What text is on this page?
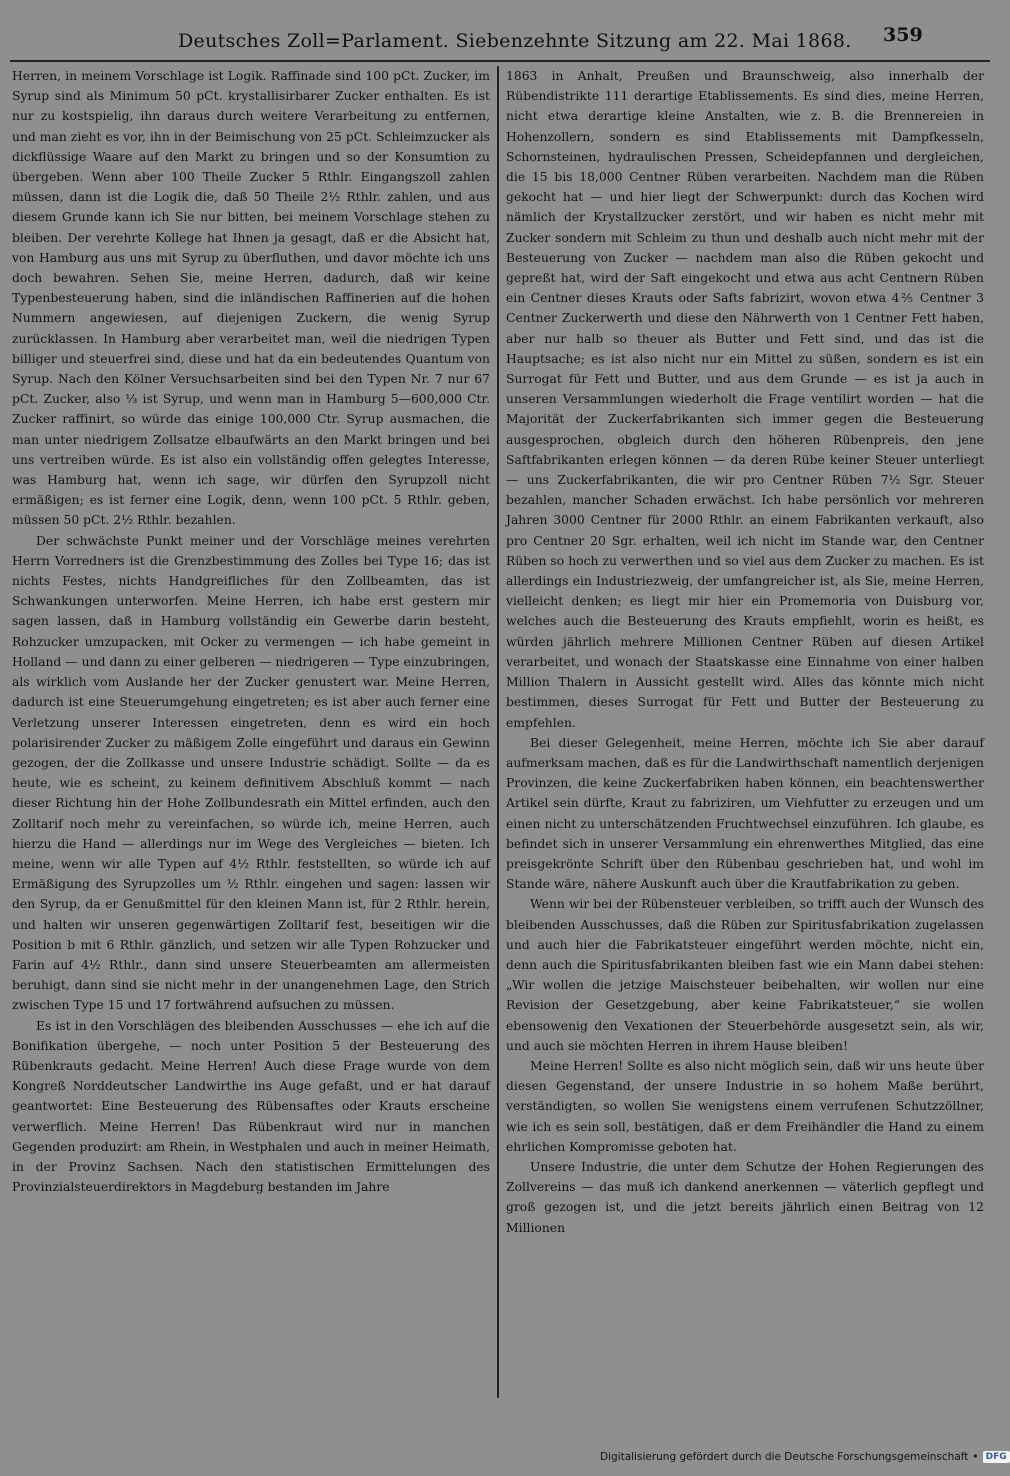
Deutsches Zoll=Parlament. Siebenzehnte Sitzung am 22. Mai 1868. 359

Herren, in meinem Vorschlage ist Logik. Raffinade sind 100 pCt. Zucker, im Syrup sind als Minimum 50 pCt. krystallisirbarer Zucker enthalten. Es ist nur zu kostspielig, ihn daraus durch weitere Verarbeitung zu entfernen, und man zieht es vor, ihn in der Beimischung von 25 pCt. Schleimzucker als dickflüssige Waare auf den Markt zu bringen und so der Konsumtion zu übergeben. Wenn aber 100 Theile Zucker 5 Rthlr. Eingangszoll zahlen müssen, dann ist die Logik die, daß 50 Theile 2½ Rthlr. zahlen, und aus diesem Grunde kann ich Sie nur bitten, bei meinem Vorschlage stehen zu bleiben. Der verehrte Kollege hat Ihnen ja gesagt, daß er die Absicht hat, von Hamburg aus uns mit Syrup zu überfluthen, und davor möchte ich uns doch bewahren. Sehen Sie, meine Herren, dadurch, daß wir keine Typenbesteuerung haben, sind die inländischen Raffinerien auf die hohen Nummern angewiesen, auf diejenigen Zuckern, die wenig Syrup zurücklassen. In Hamburg aber verarbeitet man, weil die niedrigen Typen billiger und steuerfrei sind, diese und hat da ein bedeutendes Quantum von Syrup. Nach den Kölner Versuchsarbeiten sind bei den Typen Nr. 7 nur 67 pCt. Zucker, also ⅓ ist Syrup, und wenn man in Hamburg 5—600,000 Ctr. Zucker raffinirt, so würde das einige 100,000 Ctr. Syrup ausmachen, die man unter niedrigem Zollsatze elbaufwärts an den Markt bringen und bei uns vertreiben würde. Es ist also ein vollständig offen gelegtes Interesse, was Hamburg hat, wenn ich sage, wir dürfen den Syrupzoll nicht ermäßigen; es ist ferner eine Logik, denn, wenn 100 pCt. 5 Rthlr. geben, müssen 50 pCt. 2½ Rthlr. bezahlen.

Der schwächste Punkt meiner und der Vorschläge meines verehrten Herrn Vorredners ist die Grenzbestimmung des Zolles bei Type 16; das ist nichts Festes, nichts Handgreifliches für den Zollbeamten, das ist Schwankungen unterworfen. Meine Herren, ich habe erst gestern mir sagen lassen, daß in Hamburg vollständig ein Gewerbe darin besteht, Rohzucker umzupacken, mit Ocker zu vermengen — ich habe gemeint in Holland — und dann zu einer gelberen — niedrigeren — Type einzubringen, als wirklich vom Auslande her der Zucker genustert war. Meine Herren, dadurch ist eine Steuerumgehung eingetreten; es ist aber auch ferner eine Verletzung unserer Interessen eingetreten, denn es wird ein hoch polarisirender Zucker zu mäßigem Zolle eingeführt und daraus ein Gewinn gezogen, der die Zollkasse und unsere Industrie schädigt. Sollte — da es heute, wie es scheint, zu keinem definitivem Abschluß kommt — nach dieser Richtung hin der Hohe Zollbundesrath ein Mittel erfinden, auch den Zolltarif noch mehr zu vereinfachen, so würde ich, meine Herren, auch hierzu die Hand — allerdings nur im Wege des Vergleiches — bieten. Ich meine, wenn wir alle Typen auf 4½ Rthlr. feststellten, so würde ich auf Ermäßigung des Syrupzolles um ½ Rthlr. eingehen und sagen: lassen wir den Syrup, da er Genußmittel für den kleinen Mann ist, für 2 Rthlr. herein, und halten wir unseren gegenwärtigen Zolltarif fest, beseitigen wir die Position b mit 6 Rthlr. gänzlich, und setzen wir alle Typen Rohzucker und Farin auf 4½ Rthlr., dann sind unsere Steuerbeamten am allermeisten beruhigt, dann sind sie nicht mehr in der unangenehmen Lage, den Strich zwischen Type 15 und 17 fortwährend aufsuchen zu müssen.

Es ist in den Vorschlägen des bleibenden Ausschusses — ehe ich auf die Bonifikation übergehe, — noch unter Position 5 der Besteuerung des Rübenkrauts gedacht. Meine Herren! Auch diese Frage wurde von dem Kongreß Norddeutscher Landwirthe ins Auge gefaßt, und er hat darauf geantwortet: Eine Besteuerung des Rübensaftes oder Krauts erscheine verwerflich. Meine Herren! Das Rübenkraut wird nur in manchen Gegenden produzirt: am Rhein, in Westphalen und auch in meiner Heimath, in der Provinz Sachsen. Nach den statistischen Ermittelungen des Provinzialsteuerdirektors in Magdeburg bestanden im Jahre

1863 in Anhalt, Preußen und Braunschweig, also innerhalb der Rübendistrikte 111 derartige Etablissements. Es sind dies, meine Herren, nicht etwa derartige kleine Anstalten, wie z. B. die Brennereien in Hohenzollern, sondern es sind Etablissements mit Dampfkesseln, Schornsteinen, hydraulischen Pressen, Scheidepfannen und dergleichen, die 15 bis 18,000 Centner Rüben verarbeiten. Nachdem man die Rüben gekocht hat — und hier liegt der Schwerpunkt: durch das Kochen wird nämlich der Krystallzucker zerstört, und wir haben es nicht mehr mit Zucker sondern mit Schleim zu thun und deshalb auch nicht mehr mit der Besteuerung von Zucker — nachdem man also die Rüben gekocht und gepreßt hat, wird der Saft eingekocht und etwa aus acht Centnern Rüben ein Centner dieses Krauts oder Safts fabrizirt, wovon etwa 4⅖ Centner 3 Centner Zuckerwerth und diese den Nährwerth von 1 Centner Fett haben, aber nur halb so theuer als Butter und Fett sind, und das ist die Hauptsache; es ist also nicht nur ein Mittel zu süßen, sondern es ist ein Surrogat für Fett und Butter, und aus dem Grunde — es ist ja auch in unseren Versammlungen wiederholt die Frage ventilirt worden — hat die Majorität der Zuckerfabrikanten sich immer gegen die Besteuerung ausgesprochen, obgleich durch den höheren Rübenpreis, den jene Saftfabrikanten erlegen können — da deren Rübe keiner Steuer unterliegt — uns Zuckerfabrikanten, die wir pro Centner Rüben 7½ Sgr. Steuer bezahlen, mancher Schaden erwächst. Ich habe persönlich vor mehreren Jahren 3000 Centner für 2000 Rthlr. an einem Fabrikanten verkauft, also pro Centner 20 Sgr. erhalten, weil ich nicht im Stande war, den Centner Rüben so hoch zu verwerthen und so viel aus dem Zucker zu machen. Es ist allerdings ein Industriezweig, der umfangreicher ist, als Sie, meine Herren, vielleicht denken; es liegt mir hier ein Promemoria von Duisburg vor, welches auch die Besteuerung des Krauts empfiehlt, worin es heißt, es würden jährlich mehrere Millionen Centner Rüben auf diesen Artikel verarbeitet, und wonach der Staatskasse eine Einnahme von einer halben Million Thalern in Aussicht gestellt wird. Alles das könnte mich nicht bestimmen, dieses Surrogat für Fett und Butter der Besteuerung zu empfehlen.

Bei dieser Gelegenheit, meine Herren, möchte ich Sie aber darauf aufmerksam machen, daß es für die Landwirthschaft namentlich derjenigen Provinzen, die keine Zuckerfabriken haben können, ein beachtenswerther Artikel sein dürfte, Kraut zu fabriziren, um Viehfutter zu erzeugen und um einen nicht zu unterschätzenden Fruchtwechsel einzuführen. Ich glaube, es befindet sich in unserer Versammlung ein ehrenwerthes Mitglied, das eine preisgekrönte Schrift über den Rübenbau geschrieben hat, und wohl im Stande wäre, nähere Auskunft auch über die Krautfabrikation zu geben.

Wenn wir bei der Rübensteuer verbleiben, so trifft auch der Wunsch des bleibenden Ausschusses, daß die Rüben zur Spiritusfabrikation zugelassen und auch hier die Fabrikatsteuer eingeführt werden möchte, nicht ein, denn auch die Spiritusfabrikanten bleiben fast wie ein Mann dabei stehen: „Wir wollen die jetzige Maischsteuer beibehalten, wir wollen nur eine Revision der Gesetzgebung, aber keine Fabrikatsteuer,“ sie wollen ebensowenig den Vexationen der Steuerbehörde ausgesetzt sein, als wir, und auch sie möchten Herren in ihrem Hause bleiben!

Meine Herren! Sollte es also nicht möglich sein, daß wir uns heute über diesen Gegenstand, der unsere Industrie in so hohem Maße berührt, verständigten, so wollen Sie wenigstens einem verrufenen Schutzzöllner, wie ich es sein soll, bestätigen, daß er dem Freihändler die Hand zu einem ehrlichen Kompromisse geboten hat.

Unsere Industrie, die unter dem Schutze der Hohen Regierungen des Zollvereins — das muß ich dankend anerkennen — väterlich gepflegt und groß gezogen ist, und die jetzt bereits jährlich einen Beitrag von 12 Millionen

Digitalisierung gefördert durch die Deutsche Forschungsgemeinschaft • DFG
